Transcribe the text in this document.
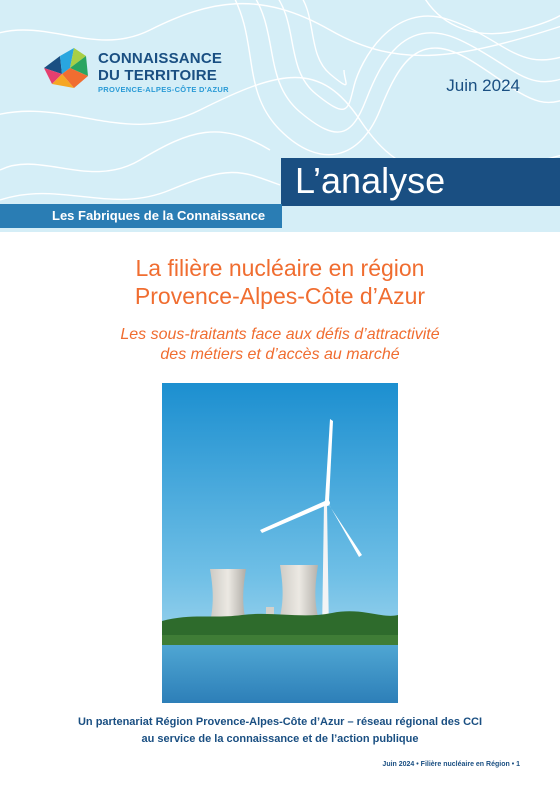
CONNAISSANCE
DU TERRITOIRE
PROVENCE-ALPES-CÔTE D'AZUR	Juin 2024
L’analyse
Les Fabriques de la Connaissance
La filière nucléaire en région
Provence-Alpes-Côte d’Azur
Les sous-traitants face aux défis d’attractivité
des métiers et d’accès au marché
Un partenariat Région Provence-Alpes-Côte d’Azur – réseau régional des CCI
au service de la connaissance et de l’action publique
Juin 2024 • Filière nucléaire en Région • 1
